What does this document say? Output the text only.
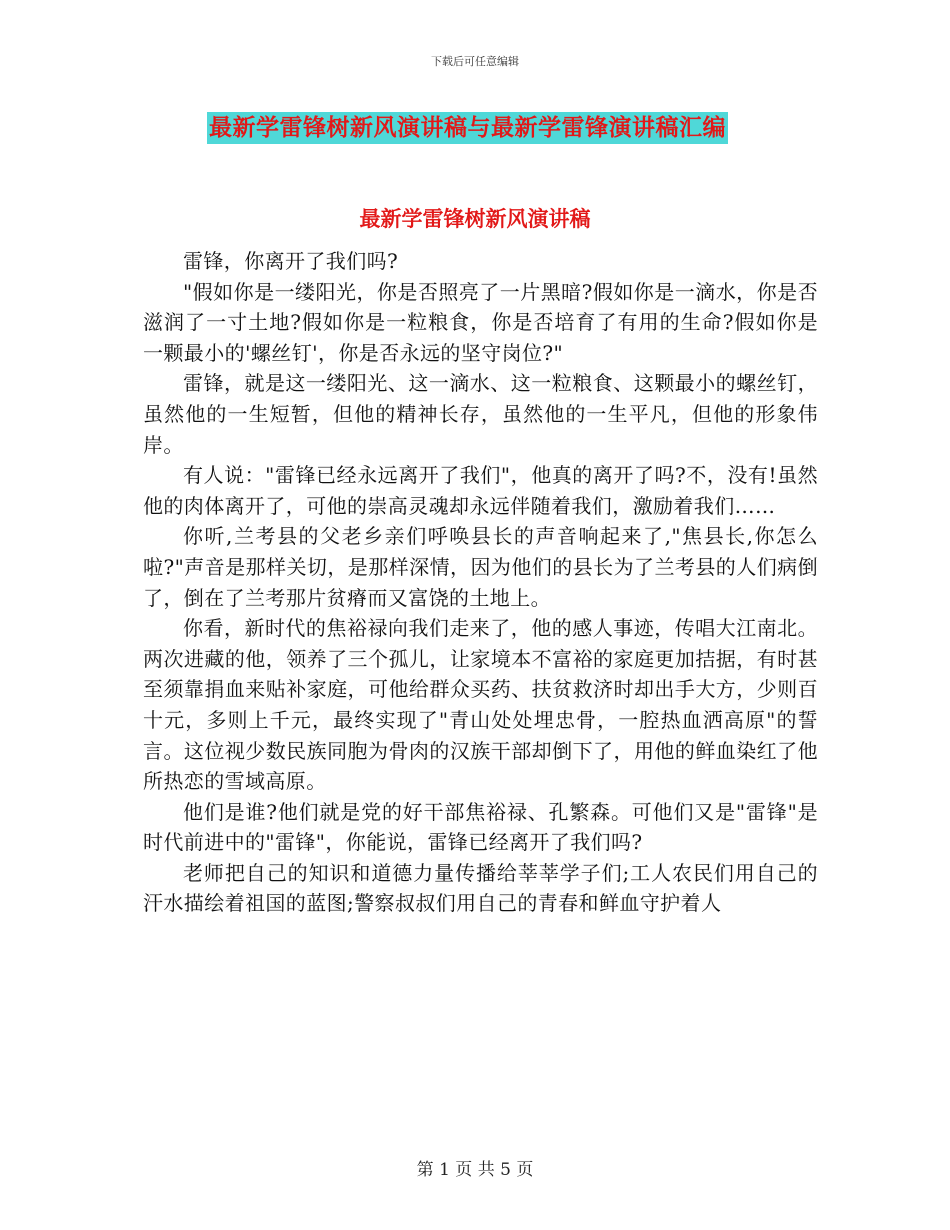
下载后可任意编辑
最新学雷锋树新风演讲稿与最新学雷锋演讲稿汇编
最新学雷锋树新风演讲稿

雷锋，你离开了我们吗?

"假如你是一缕阳光，你是否照亮了一片黑暗?假如你是一滴水，你是否滋润了一寸土地?假如你是一粒粮食，你是否培育了有用的生命?假如你是一颗最小的'螺丝钉'，你是否永远的坚守岗位?"

雷锋，就是这一缕阳光、这一滴水、这一粒粮食、这颗最小的螺丝钉，虽然他的一生短暂，但他的精神长存，虽然他的一生平凡，但他的形象伟岸。

有人说："雷锋已经永远离开了我们"，他真的离开了吗?不，没有!虽然他的肉体离开了，可他的崇高灵魂却永远伴随着我们，激励着我们……

你听,兰考县的父老乡亲们呼唤县长的声音响起来了,"焦县长,你怎么啦?"声音是那样关切，是那样深情，因为他们的县长为了兰考县的人们病倒了，倒在了兰考那片贫瘠而又富饶的土地上。

你看，新时代的焦裕禄向我们走来了，他的感人事迹，传唱大江南北。两次进藏的他，领养了三个孤儿，让家境本不富裕的家庭更加拮据，有时甚至须靠捐血来贴补家庭，可他给群众买药、扶贫救济时却出手大方，少则百十元，多则上千元，最终实现了"青山处处埋忠骨，一腔热血洒高原"的誓言。这位视少数民族同胞为骨肉的汉族干部却倒下了，用他的鲜血染红了他所热恋的雪域高原。

他们是谁?他们就是党的好干部焦裕禄、孔繁森。可他们又是"雷锋"是时代前进中的"雷锋"，你能说，雷锋已经离开了我们吗?

老师把自己的知识和道德力量传播给莘莘学子们;工人农民们用自己的汗水描绘着祖国的蓝图;警察叔叔们用自己的青春和鲜血守护着人

第 1 页 共 5 页
